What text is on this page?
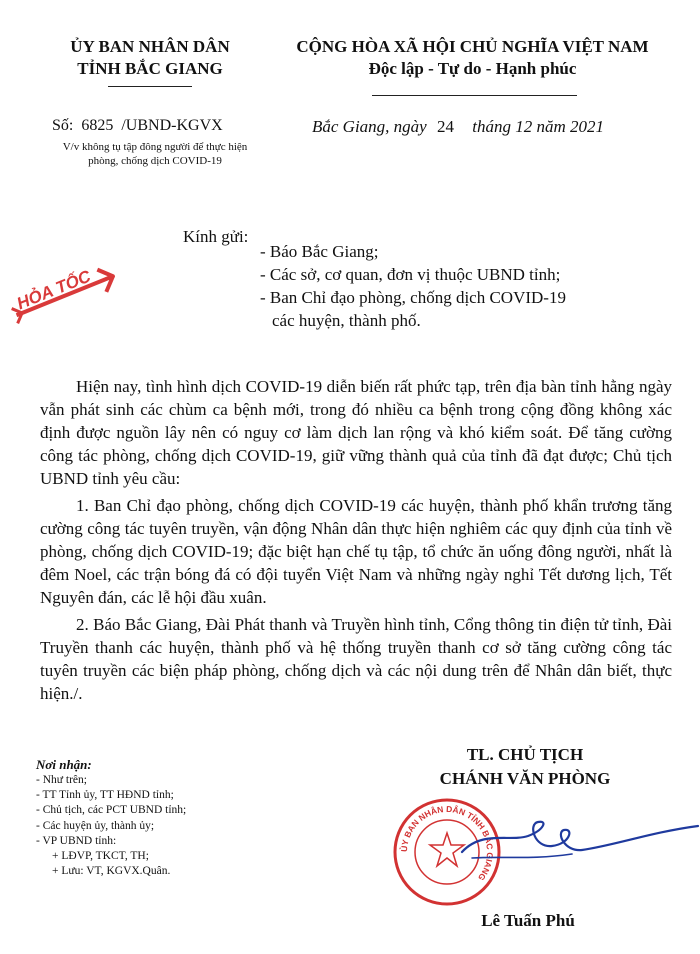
ỦY BAN NHÂN DÂN
TỈNH BẮC GIANG
CỘNG HÒA XÃ HỘI CHỦ NGHĨA VIỆT NAM
Độc lập - Tự do - Hạnh phúc
Số: 6825 /UBND-KGVX	Bắc Giang, ngày 24 tháng 12 năm 2021
V/v không tụ tập đông người để thực hiện
phòng, chống dịch COVID-19
HỎA TỐC
Kính gửi:
- Báo Bắc Giang;
- Các sở, cơ quan, đơn vị thuộc UBND tỉnh;
- Ban Chỉ đạo phòng, chống dịch COVID-19
các huyện, thành phố.

Hiện nay, tình hình dịch COVID-19 diễn biến rất phức tạp, trên địa bàn tỉnh hằng ngày vẫn phát sinh các chùm ca bệnh mới, trong đó nhiều ca bệnh trong cộng đồng không xác định được nguồn lây nên có nguy cơ làm dịch lan rộng và khó kiểm soát. Để tăng cường công tác phòng, chống dịch COVID-19, giữ vững thành quả của tỉnh đã đạt được; Chủ tịch UBND tỉnh yêu cầu:

1. Ban Chỉ đạo phòng, chống dịch COVID-19 các huyện, thành phố khẩn trương tăng cường công tác tuyên truyền, vận động Nhân dân thực hiện nghiêm các quy định của tỉnh về phòng, chống dịch COVID-19; đặc biệt hạn chế tụ tập, tổ chức ăn uống đông người, nhất là đêm Noel, các trận bóng đá có đội tuyển Việt Nam và những ngày nghỉ Tết dương lịch, Tết Nguyên đán, các lễ hội đầu xuân.

2. Báo Bắc Giang, Đài Phát thanh và Truyền hình tỉnh, Cổng thông tin điện tử tỉnh, Đài Truyền thanh các huyện, thành phố và hệ thống truyền thanh cơ sở tăng cường công tác tuyên truyền các biện pháp phòng, chống dịch và các nội dung trên để Nhân dân biết, thực hiện./.

Nơi nhận:
- Như trên;
- TT Tỉnh ủy, TT HĐND tỉnh;
- Chủ tịch, các PCT UBND tỉnh;
- Các huyện ủy, thành ủy;
- VP UBND tỉnh:
+ LĐVP, TKCT, TH;
+ Lưu: VT, KGVX.Quân.
TL. CHỦ TỊCH
CHÁNH VĂN PHÒNG
ỦY BAN NHÂN DÂN TỈNH BẮC GIANG
Lê Tuấn Phú
